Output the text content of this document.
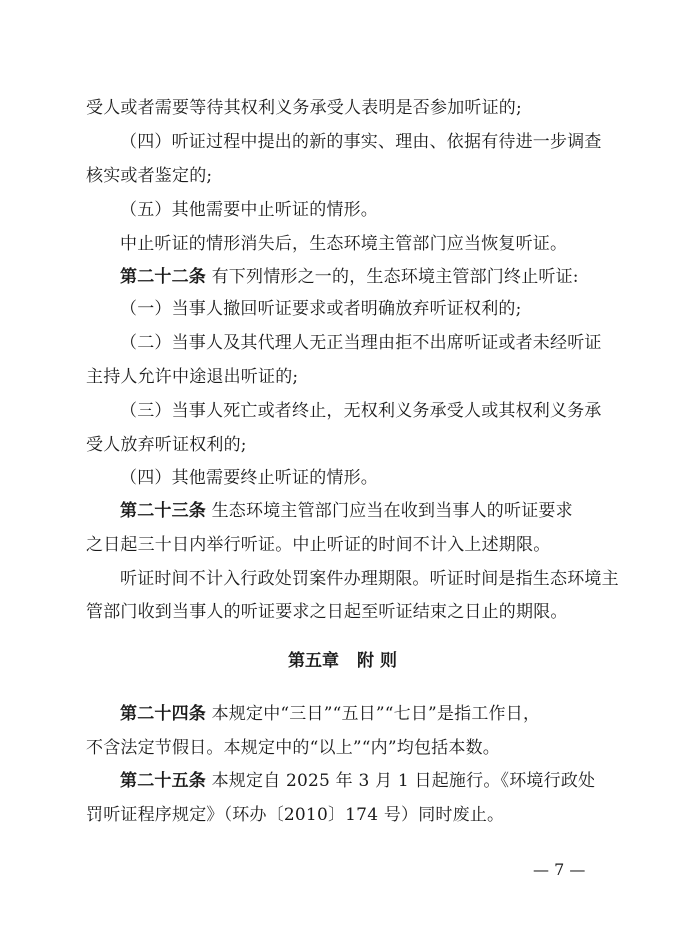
受人或者需要等待其权利义务承受人表明是否参加听证的;
（四）听证过程中提出的新的事实、理由、依据有待进一步调查
核实或者鉴定的;
（五）其他需要中止听证的情形。
中止听证的情形消失后，生态环境主管部门应当恢复听证。
第二十二条 有下列情形之一的，生态环境主管部门终止听证:
（一）当事人撤回听证要求或者明确放弃听证权利的;
（二）当事人及其代理人无正当理由拒不出席听证或者未经听证
主持人允许中途退出听证的;
（三）当事人死亡或者终止，无权利义务承受人或其权利义务承
受人放弃听证权利的;
（四）其他需要终止听证的情形。
第二十三条 生态环境主管部门应当在收到当事人的听证要求
之日起三十日内举行听证。中止听证的时间不计入上述期限。
听证时间不计入行政处罚案件办理期限。听证时间是指生态环境主
管部门收到当事人的听证要求之日起至听证结束之日止的期限。
第五章 附 则
第二十四条 本规定中“三日”“五日”“七日”是指工作日，
不含法定节假日。本规定中的“以上”“内”均包括本数。
第二十五条 本规定自 2025 年 3 月 1 日起施行。《环境行政处
罚听证程序规定》（环办〔2010〕174 号）同时废止。
— 7 —
